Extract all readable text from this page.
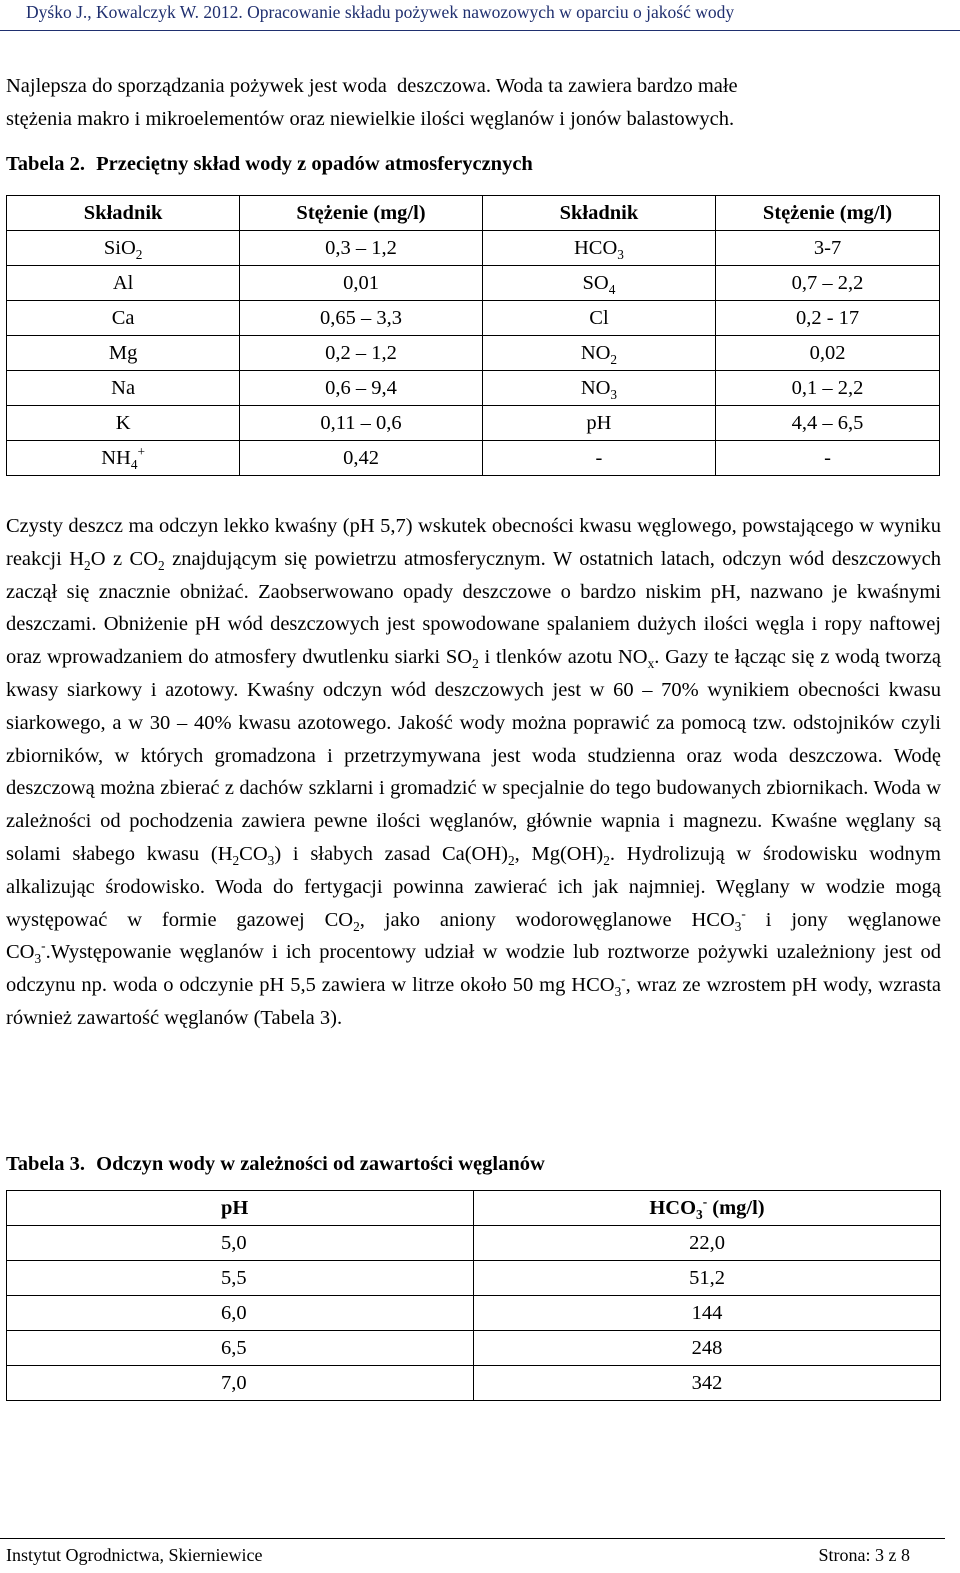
Dyśko J., Kowalczyk W. 2012. Opracowanie składu pożywek nawozowych w oparciu o jakość wody
Najlepsza do sporządzania pożywek jest woda  deszczowa. Woda ta zawiera bardzo małe
stężenia makro i mikroelementów oraz niewielkie ilości węglanów i jonów balastowych.
Tabela 2. Przeciętny skład wody z opadów atmosferycznych
Składnik	Stężenie (mg/l)	Składnik	Stężenie (mg/l)
SiO$_2$	0,3 – 1,2	$HCO_3$	3-7
Al	0,01	$SO_4$	0,7 – 2,2
Ca	0,65 – 3,3	Cl	0,2 - 17
Mg	0,2 – 1,2	$NO_2$	0,02
Na	0,6 – 9,4	$NO_3$	0,1 – 2,2
K	0,11 – 0,6	pH	4,4 – 6,5
$NH_4^+$	0,42	-	-
Czysty deszcz ma odczyn lekko kwaśny (pH 5,7) wskutek obecności kwasu węglowego, powstającego w wyniku reakcji $H_2O$ z $CO_2$ znajdującym się powietrzu atmosferycznym. W ostatnich latach, odczyn wód deszczowych zaczął się znacznie obniżać. Zaobserwowano opady deszczowe o bardzo niskim pH, nazwano je kwaśnymi deszczami. Obniżenie pH wód deszczowych jest spowodowane spalaniem dużych ilości węgla i ropy naftowej oraz wprowadzaniem do atmosfery dwutlenku siarki $SO_2$ i tlenków azotu $NO_x$. Gazy te łącząc się z wodą tworzą kwasy siarkowy i azotowy. Kwaśny odczyn wód deszczowych jest w 60 – 70% wynikiem obecności kwasu siarkowego, a w 30 – 40% kwasu azotowego. Jakość wody można poprawić za pomocą tzw. odstojników czyli zbiorników, w których gromadzona i przetrzymywana jest woda studzienna oraz woda deszczowa. Wodę deszczową można zbierać z dachów szklarni i gromadzić w specjalnie do tego budowanych zbiornikach. Woda w zależności od pochodzenia zawiera pewne ilości węglanów, głównie wapnia i magnezu. Kwaśne węglany są solami słabego kwasu $(H_2CO_3)$ i słabych zasad $Ca(OH)_2$, $Mg(OH)_2$. Hydrolizują w środowisku wodnym alkalizując środowisko. Woda do fertygacji powinna zawierać ich jak najmniej. Węglany w wodzie mogą występować w formie gazowej $CO_2$, jako aniony wodorowęglanowe $HCO_3^-$ i jony węglanowe $CO_3^-.Występowanie$ węglanów i ich procentowy udział w wodzie lub roztworze pożywki uzależniony jest od odczynu np. woda o odczynie pH 5,5 zawiera w litrze około 50 mg $HCO_3^-$, wraz ze wzrostem pH wody, wzrasta również zawartość węglanów (Tabela 3).
Tabela 3. Odczyn wody w zależności od zawartości węglanów
pH	$HCO_3^-$ (mg/l)
5,0	22,0
5,5	51,2
6,0	144
6,5	248
7,0	342
Instytut Ogrodnictwa, Skierniewice	Strona: 3 z 8
